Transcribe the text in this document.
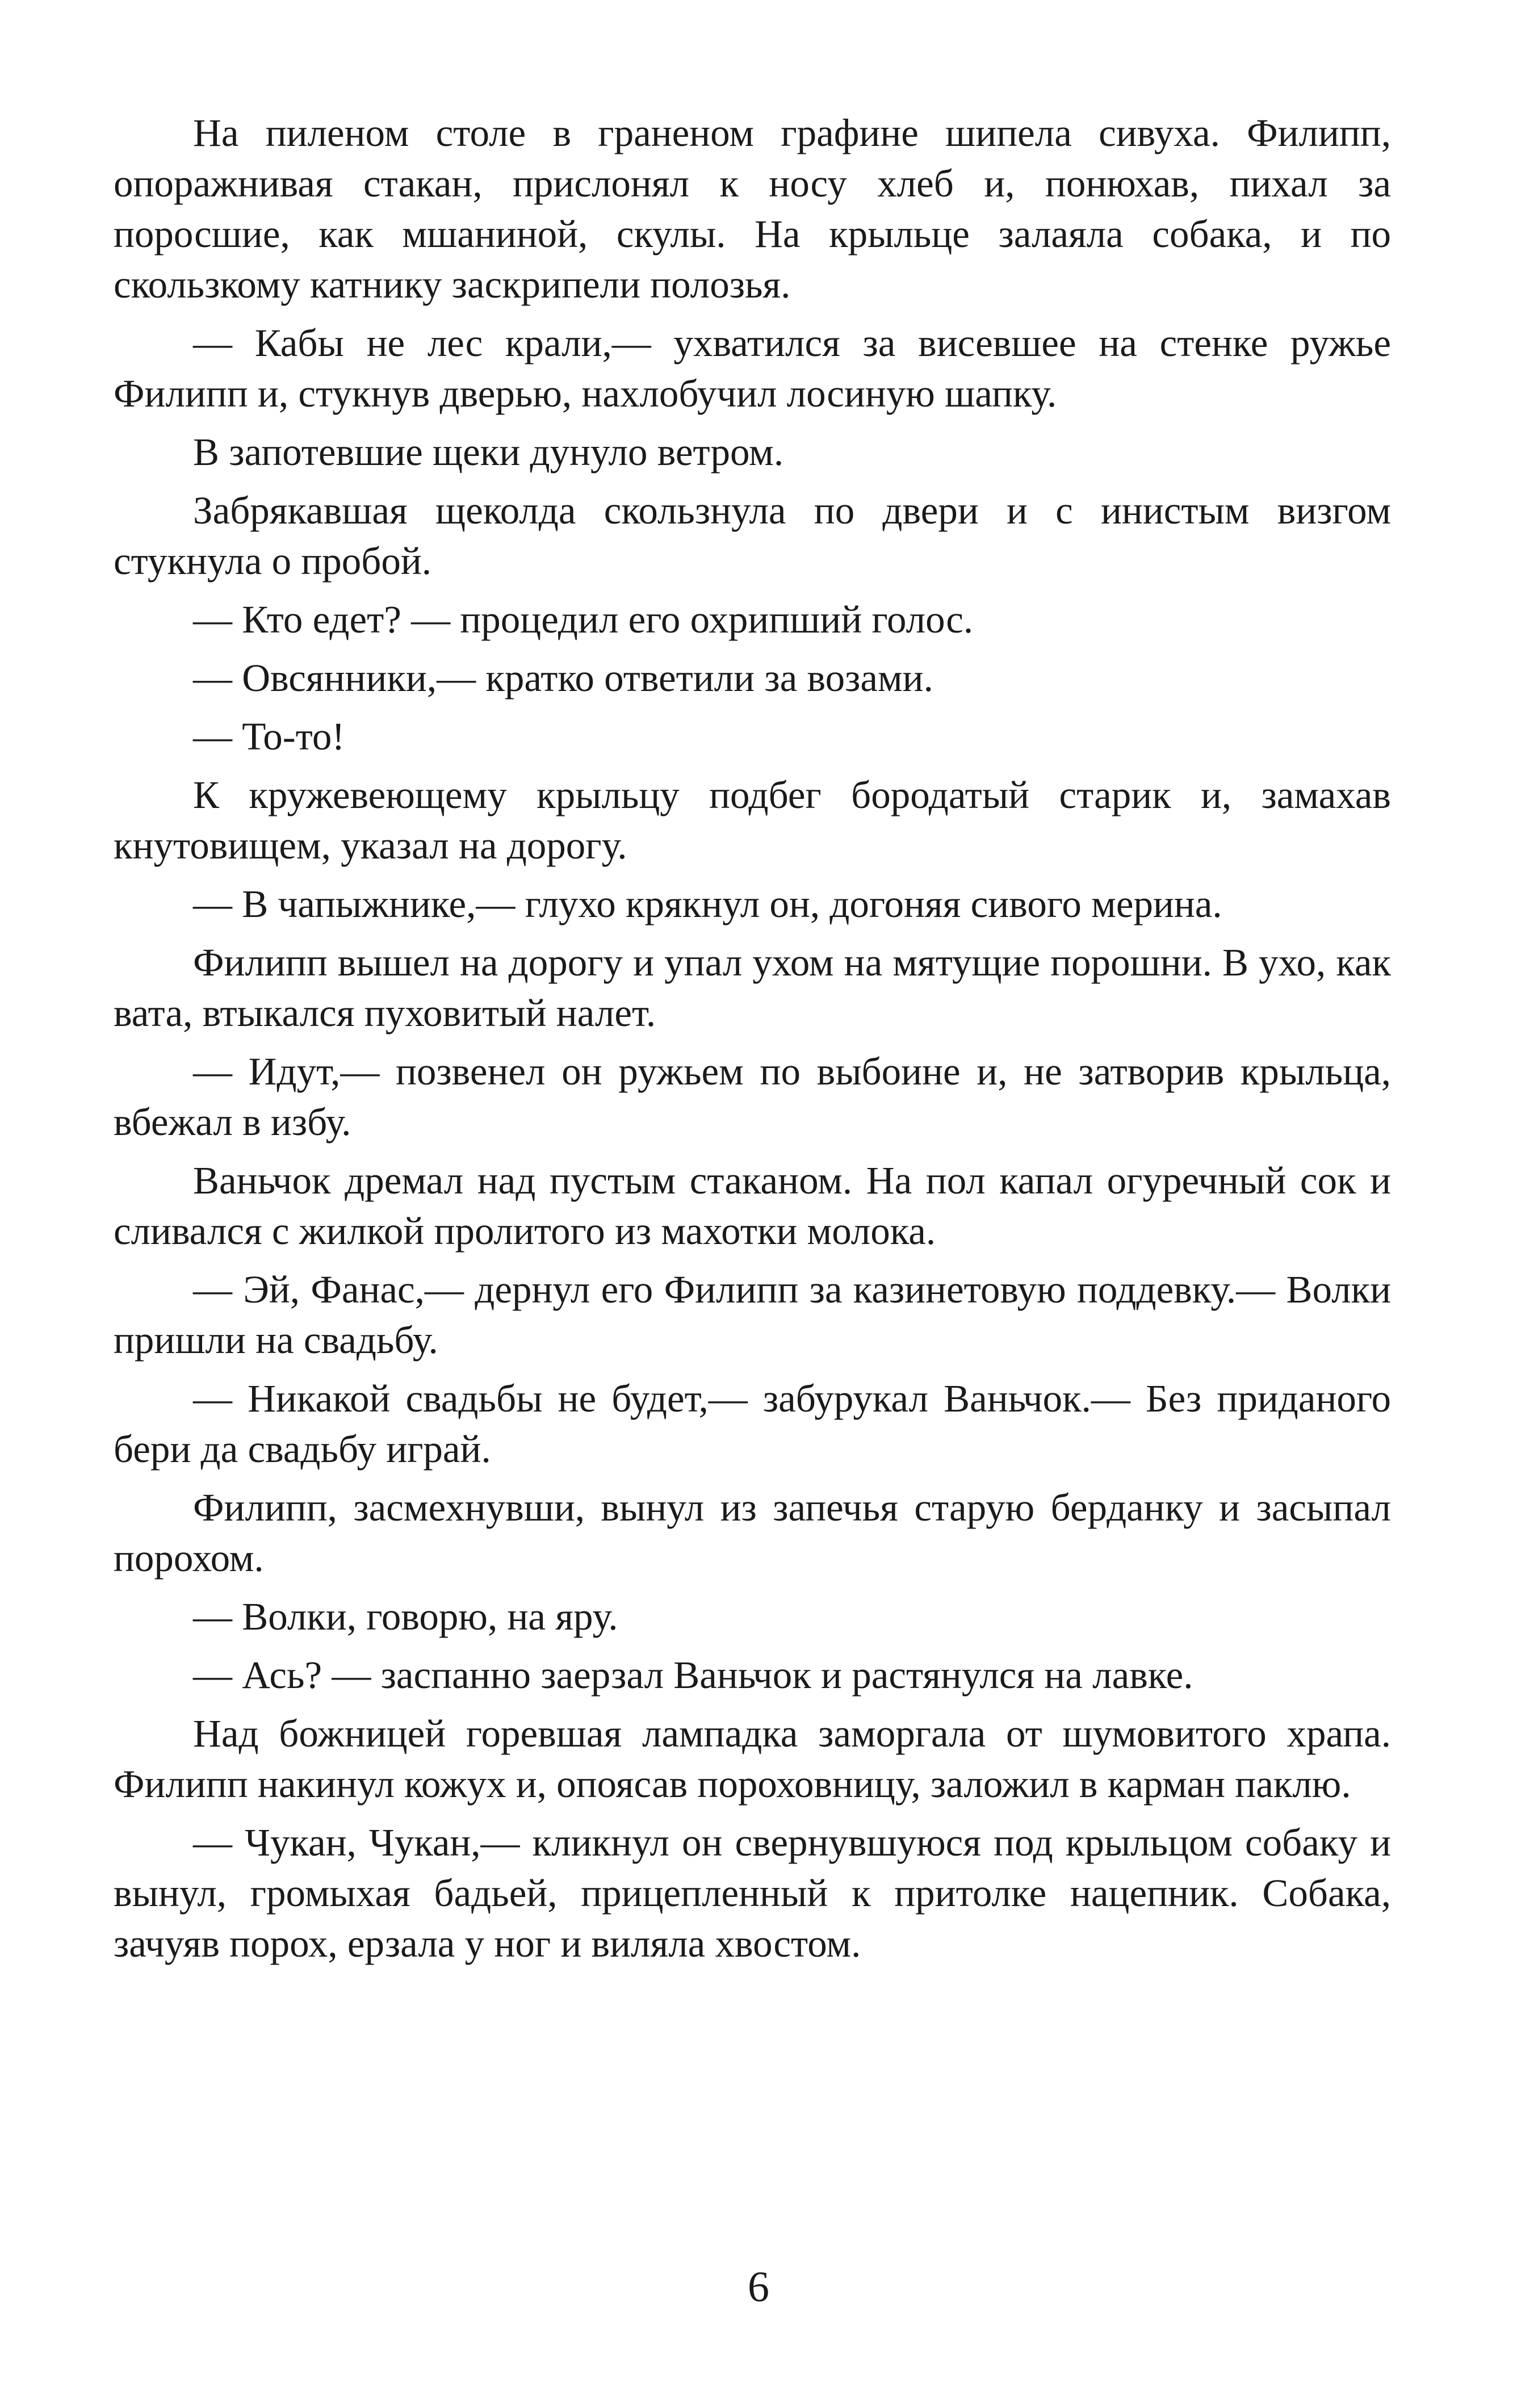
На пиленом столе в граненом графине шипела сивуха. Филипп, опоражнивая стакан, прислонял к носу хлеб и, понюхав, пихал за поросшие, как мшаниной, скулы. На крыльце залаяла собака, и по скользкому катнику заскрипели полозья.

— Кабы не лес крали,— ухватился за висевшее на стенке ружье Филипп и, стукнув дверью, нахлобучил лосиную шапку.

В запотевшие щеки дунуло ветром.

Забрякавшая щеколда скользнула по двери и с инистым визгом стукнула о пробой.

— Кто едет? — процедил его охрипший голос.

— Овсянники,— кратко ответили за возами.

— То-то!

К кружевеющему крыльцу подбег бородатый старик и, замахав кнутовищем, указал на дорогу.

— В чапыжнике,— глухо крякнул он, догоняя сивого мерина.

Филипп вышел на дорогу и упал ухом на мятущие порошни. В ухо, как вата, втыкался пуховитый налет.

— Идут,— позвенел он ружьем по выбоине и, не затворив крыльца, вбежал в избу.

Ваньчок дремал над пустым стаканом. На пол капал огуречный сок и сливался с жилкой пролитого из махотки молока.

— Эй, Фанас,— дернул его Филипп за казинетовую поддевку.— Волки пришли на свадьбу.

— Никакой свадьбы не будет,— забурукал Ваньчок.— Без приданого бери да свадьбу играй.

Филипп, засмехнувши, вынул из запечья старую берданку и засыпал порохом.

— Волки, говорю, на яру.

— Ась? — заспанно заерзал Ваньчок и растянулся на лавке.

Над божницей горевшая лампадка заморгала от шумовитого храпа. Филипп накинул кожух и, опоясав пороховницу, заложил в карман паклю.

— Чукан, Чукан,— кликнул он свернувшуюся под крыльцом собаку и вынул, громыхая бадьей, прицепленный к притолке нацепник. Собака, зачуяв порох, ерзала у ног и виляла хвостом.

6
